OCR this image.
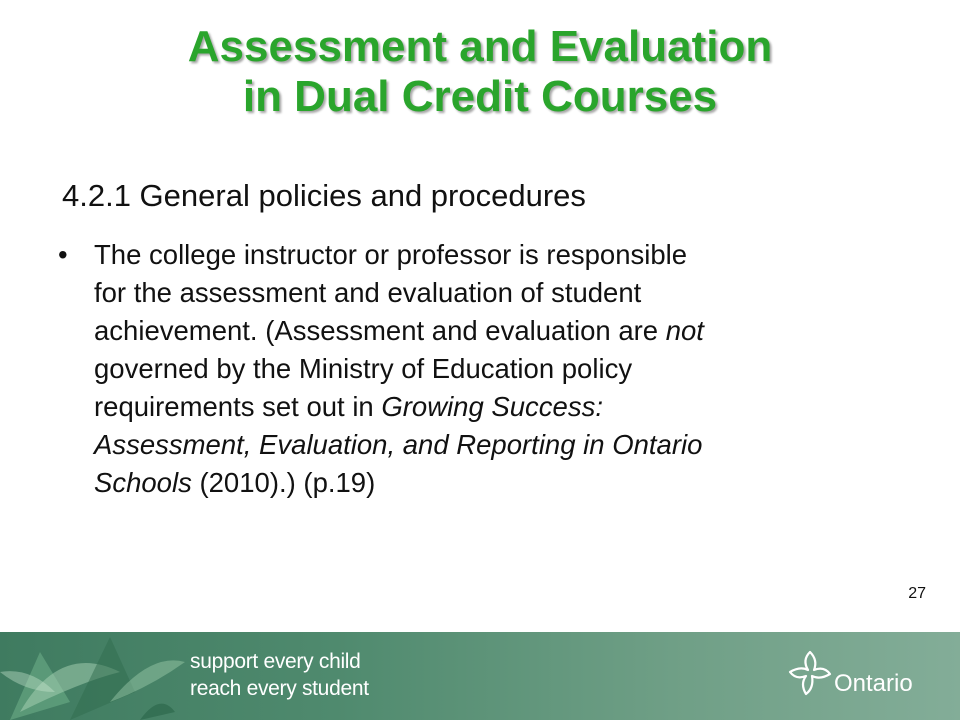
Assessment and Evaluation
in Dual Credit Courses
4.2.1 General policies and procedures
• The college instructor or professor is responsible
for the assessment and evaluation of student
achievement. (Assessment and evaluation are not
governed by the Ministry of Education policy
requirements set out in Growing Success:
Assessment, Evaluation, and Reporting in Ontario
Schools (2010).) (p.19)
27
support every child
reach every student	Ontario
